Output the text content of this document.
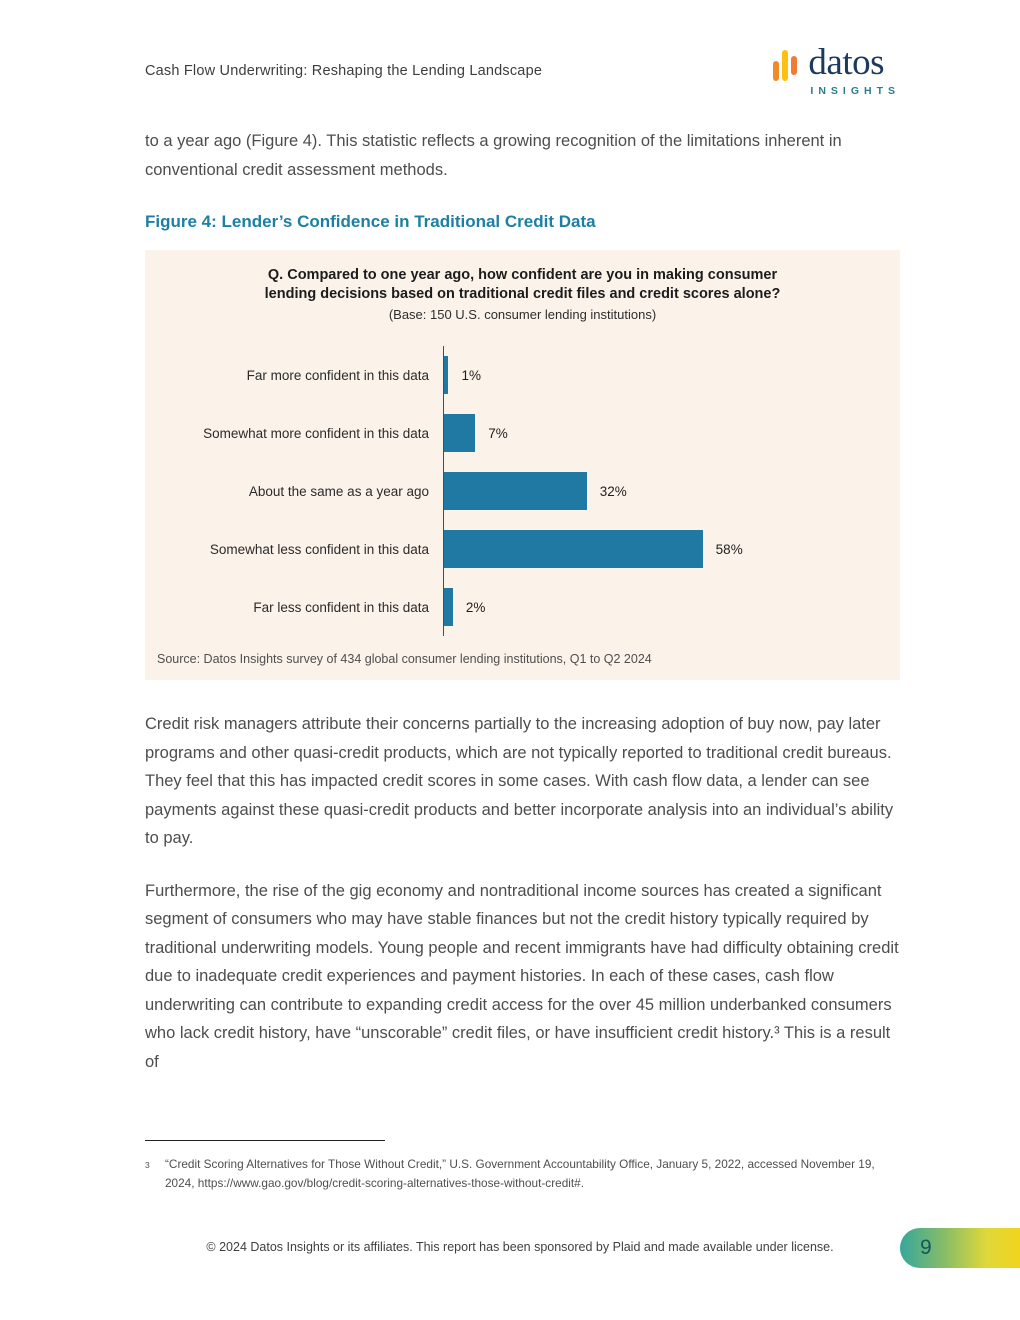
Cash Flow Underwriting: Reshaping the Lending Landscape	datos
INSIGHTS

to a year ago (Figure 4). This statistic reflects a growing recognition of the limitations inherent in conventional credit assessment methods.

Figure 4: Lender’s Confidence in Traditional Credit Data
Q. Compared to one year ago, how confident are you in making consumer lending decisions based on traditional credit files and credit scores alone?
(Base: 150 U.S. consumer lending institutions)
Far more confident in this data	1%
Somewhat more confident in this data	7%
About the same as a year ago	32%
Somewhat less confident in this data	58%
Far less confident in this data	2%
Source: Datos Insights survey of 434 global consumer lending institutions, Q1 to Q2 2024

Credit risk managers attribute their concerns partially to the increasing adoption of buy now, pay later programs and other quasi-credit products, which are not typically reported to traditional credit bureaus. They feel that this has impacted credit scores in some cases. With cash flow data, a lender can see payments against these quasi-credit products and better incorporate analysis into an individual’s ability to pay.

Furthermore, the rise of the gig economy and nontraditional income sources has created a significant segment of consumers who may have stable finances but not the credit history typically required by traditional underwriting models. Young people and recent immigrants have had difficulty obtaining credit due to inadequate credit experiences and payment histories. In each of these cases, cash flow underwriting can contribute to expanding credit access for the over 45 million underbanked consumers who lack credit history, have “unscorable” credit files, or have insufficient credit history.³ This is a result of

3	“Credit Scoring Alternatives for Those Without Credit,” U.S. Government Accountability Office, January 5, 2022, accessed November 19, 2024, https://www.gao.gov/blog/credit-scoring-alternatives-those-without-credit#.
© 2024 Datos Insights or its affiliates. This report has been sponsored by Plaid and made available under license.	9
